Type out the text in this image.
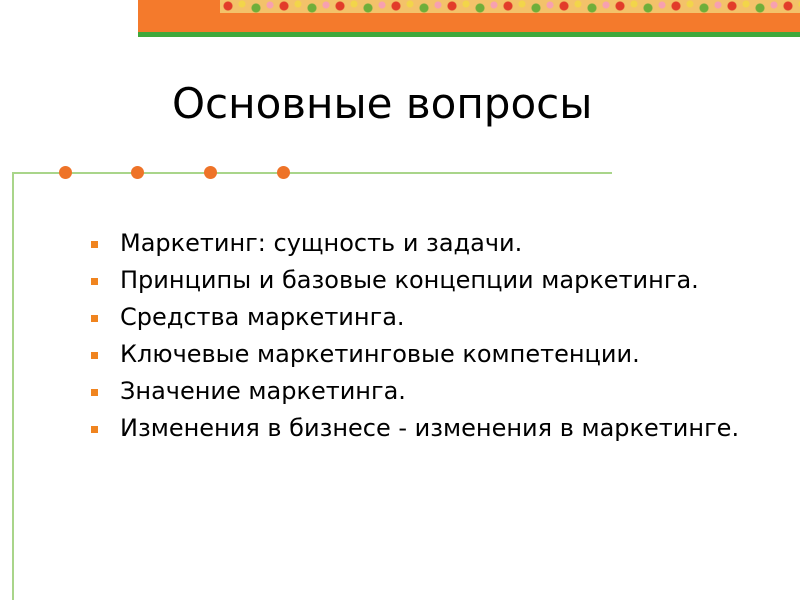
Основные вопросы
Маркетинг: сущность и задачи.
Принципы и базовые концепции маркетинга.
Средства маркетинга.
Ключевые маркетинговые компетенции.
Значение маркетинга.
Изменения в бизнесе - изменения в маркетинге.
